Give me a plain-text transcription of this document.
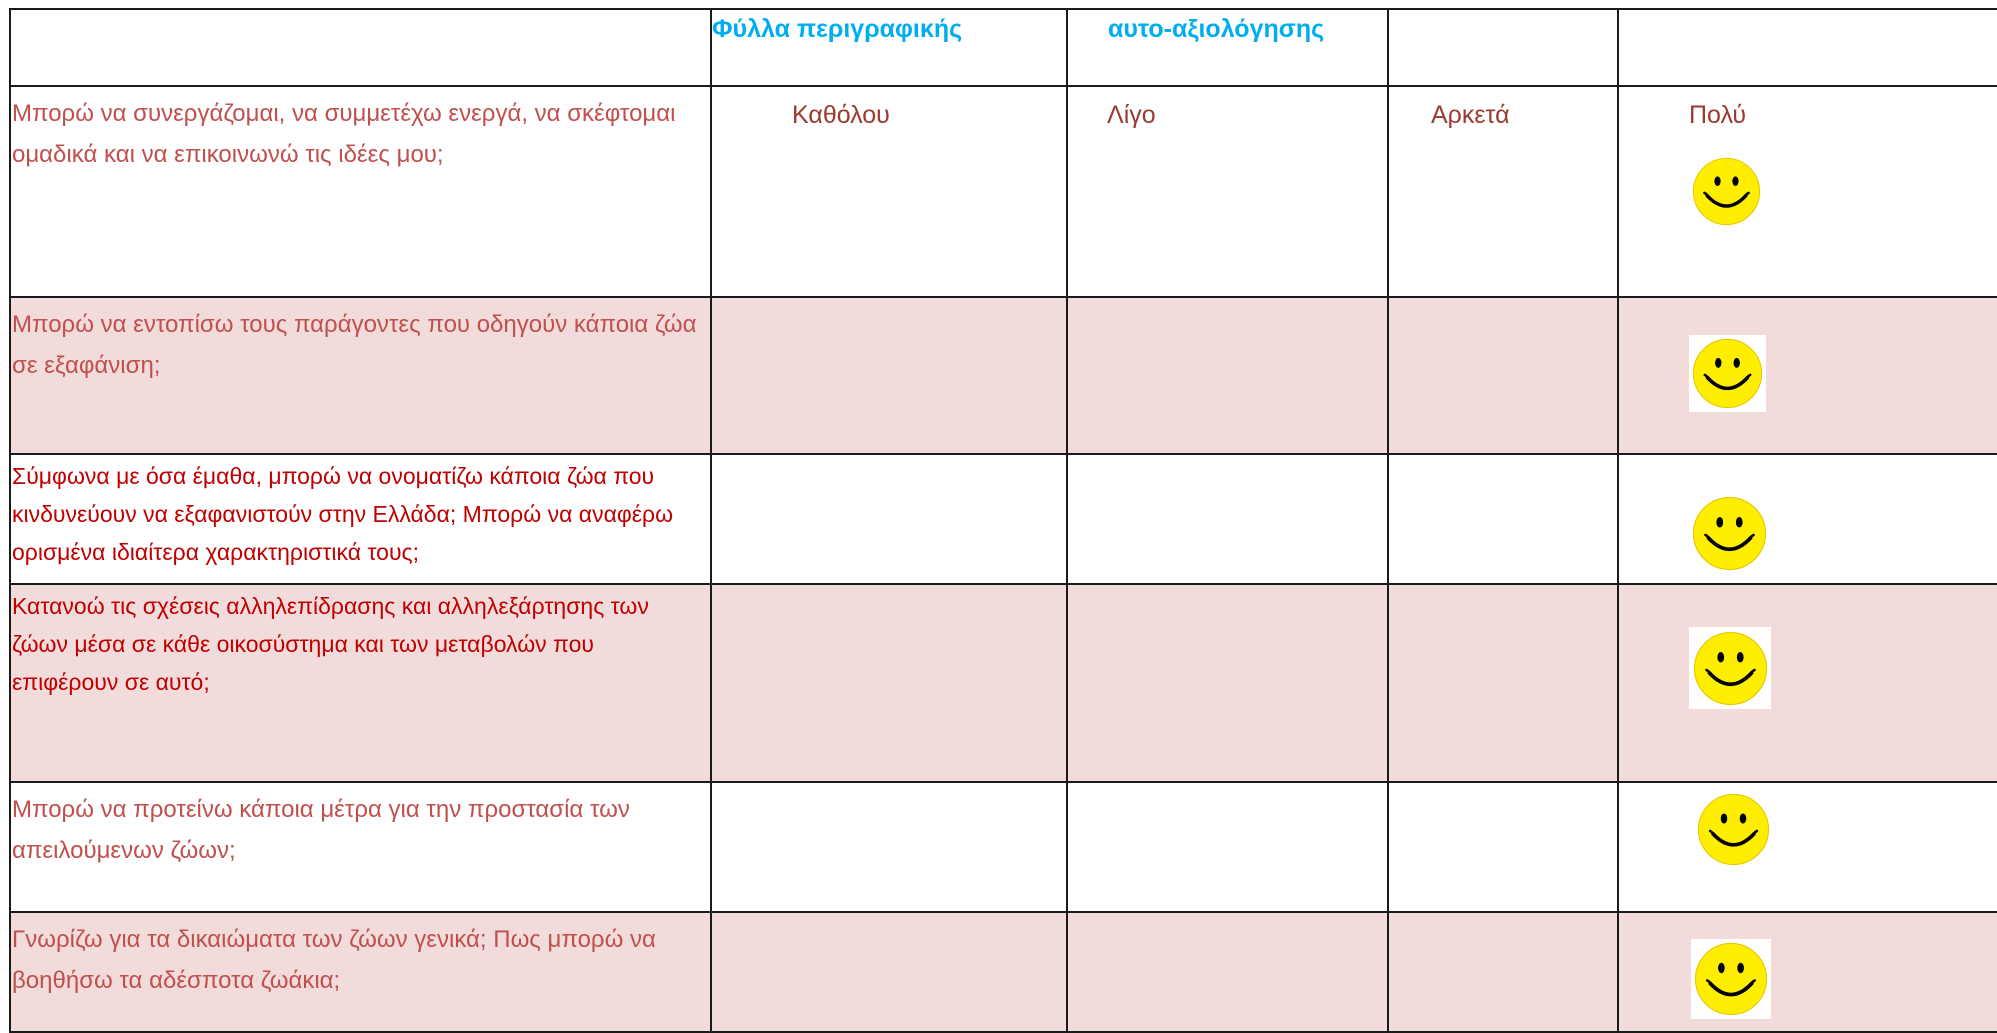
	Φύλλα περιγραφικής	αυτο-αξιολόγησης		

Μπορώ να συνεργάζομαι, να συμμετέχω ενεργά, να σκέφτομαι ομαδικά και να επικοινωνώ τις ιδέες μου;	Καθόλου	Λίγο	Αρκετά	Πολύ

Μπορώ να εντοπίσω τους παράγοντες που οδηγούν κάποια ζώα σε εξαφάνιση;

Σύμφωνα με όσα έμαθα, μπορώ να ονοματίζω κάποια ζώα που κινδυνεύουν να εξαφανιστούν στην Ελλάδα; Μπορώ να αναφέρω ορισμένα ιδιαίτερα χαρακτηριστικά τους;

Κατανοώ τις σχέσεις αλληλεπίδρασης και αλληλεξάρτησης των ζώων μέσα σε κάθε οικοσύστημα και των μεταβολών που επιφέρουν σε αυτό;

Μπορώ να προτείνω κάποια μέτρα για την προστασία των απειλούμενων ζώων;

Γνωρίζω για τα δικαιώματα των ζώων γενικά; Πως μπορώ να βοηθήσω τα αδέσποτα ζωάκια;
